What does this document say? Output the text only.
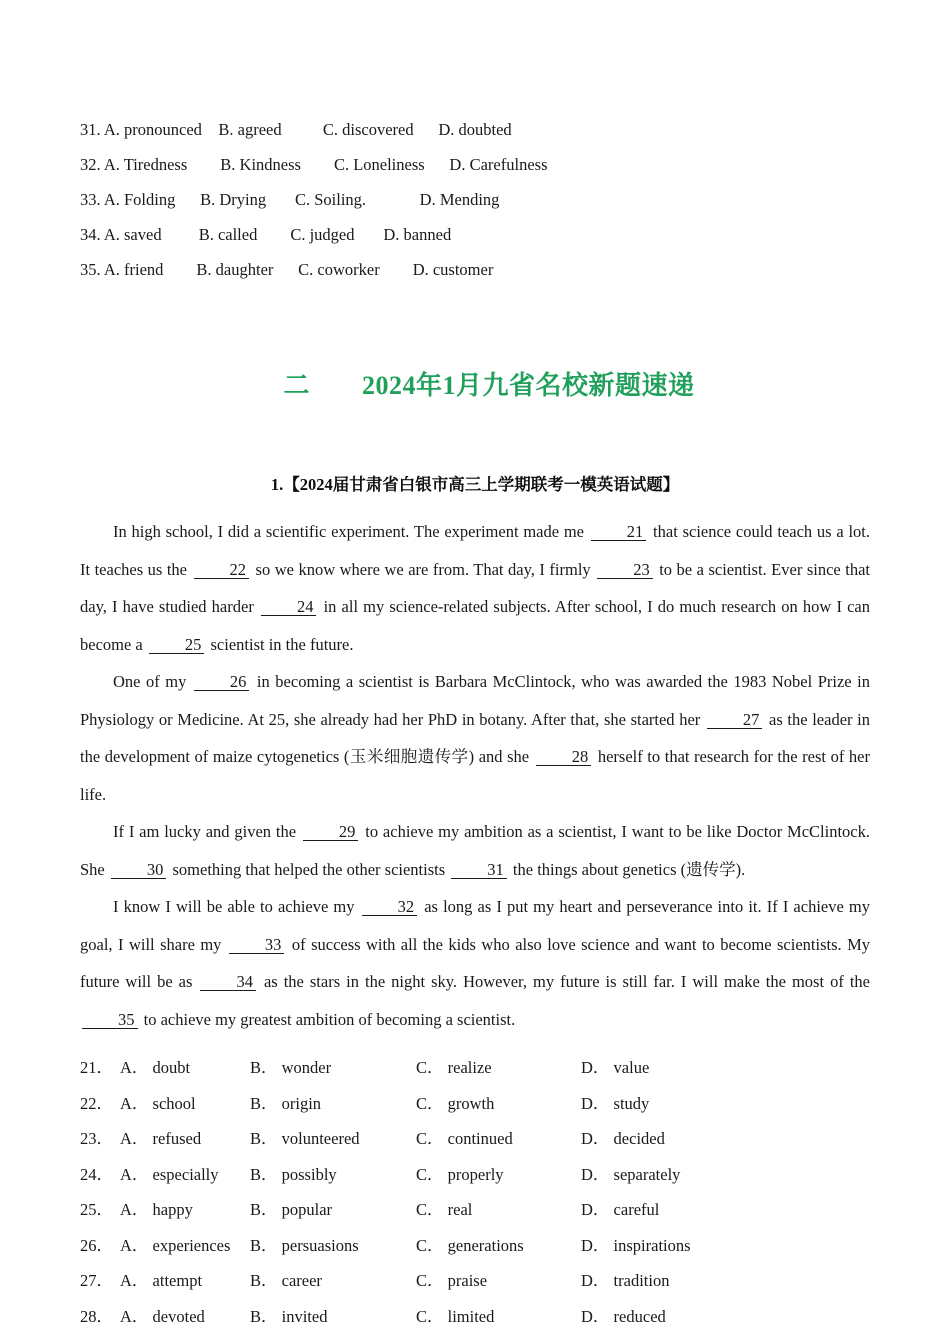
31. A. pronounced    B. agreed          C. discovered      D. doubted
32. A. Tiredness        B. Kindness        C. Loneliness      D. Carefulness
33. A. Folding      B. Drying       C. Soiling.             D. Mending
34. A. saved         B. called        C. judged       D. banned
35. A. friend        B. daughter      C. coworker        D. customer

二 2024年1月九省名校新题速递

1.【2024届甘肃省白银市高三上学期联考一模英语试题】

In high school, I did a scientific experiment. The experiment made me 21 that science could teach us a lot. It teaches us the 22 so we know where we are from. That day, I firmly 23 to be a scientist. Ever since that day, I have studied harder 24 in all my science-related subjects. After school, I do much research on how I can become a 25 scientist in the future.

One of my 26 in becoming a scientist is Barbara McClintock, who was awarded the 1983 Nobel Prize in Physiology or Medicine. At 25, she already had her PhD in botany. After that, she started her 27 as the leader in the development of maize cytogenetics (玉米细胞遗传学) and she 28 herself to that research for the rest of her life.

If I am lucky and given the 29 to achieve my ambition as a scientist, I want to be like Doctor McClintock. She 30 something that helped the other scientists 31 the things about genetics (遗传学).

I know I will be able to achieve my 32 as long as I put my heart and perseverance into it. If I achieve my goal, I will share my 33 of success with all the kids who also love science and want to become scientists. My future will be as 34 as the stars in the night sky. However, my future is still far. I will make the most of the 35 to achieve my greatest ambition of becoming a scientist.

21． A． doubt	B． wonder	C． realize	D． value
22． A． school	B． origin	C． growth	D． study
23． A． refused	B． volunteered	C． continued	D． decided
24． A． especially	B． possibly	C． properly	D． separately
25． A． happy	B． popular	C． real	D． careful
26． A． experiences	B． persuasions	C． generations	D． inspirations
27． A． attempt	B． career	C． praise	D． tradition
28． A． devoted	B． invited	C． limited	D． reduced
